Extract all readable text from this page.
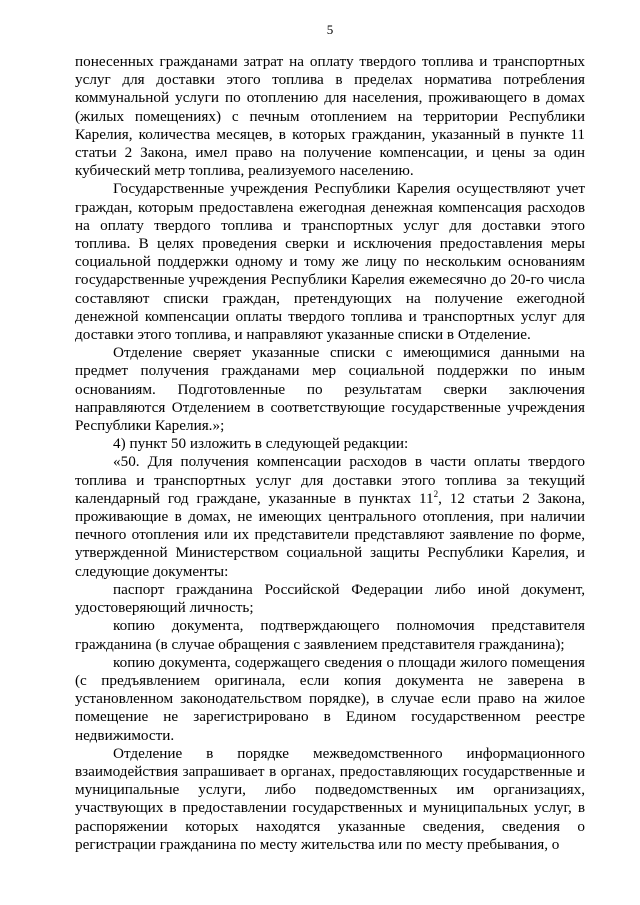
5

понесенных гражданами затрат на оплату твердого топлива и транспортных услуг для доставки этого топлива в пределах норматива потребления коммунальной услуги по отоплению для населения, проживающего в домах (жилых помещениях) с печным отоплением на территории Республики Карелия, количества месяцев, в которых гражданин, указанный в пункте 11 статьи 2 Закона, имел право на получение компенсации, и цены за один кубический метр топлива, реализуемого населению.

Государственные учреждения Республики Карелия осуществляют учет граждан, которым предоставлена ежегодная денежная компенсация расходов на оплату твердого топлива и транспортных услуг для доставки этого топлива. В целях проведения сверки и исключения предоставления меры социальной поддержки одному и тому же лицу по нескольким основаниям государственные учреждения Республики Карелия ежемесячно до 20-го числа составляют списки граждан, претендующих на получение ежегодной денежной компенсации оплаты твердого топлива и транспортных услуг для доставки этого топлива, и направляют указанные списки в Отделение.

Отделение сверяет указанные списки с имеющимися данными на предмет получения гражданами мер социальной поддержки по иным основаниям. Подготовленные по результатам сверки заключения направляются Отделением в соответствующие государственные учреждения Республики Карелия.»;

4) пункт 50 изложить в следующей редакции:

«50. Для получения компенсации расходов в части оплаты твердого топлива и транспортных услуг для доставки этого топлива за текущий календарный год граждане, указанные в пунктах $11^2$, 12 статьи 2 Закона, проживающие в домах, не имеющих центрального отопления, при наличии печного отопления или их представители представляют заявление по форме, утвержденной Министерством социальной защиты Республики Карелия, и следующие документы:

паспорт гражданина Российской Федерации либо иной документ, удостоверяющий личность;

копию документа, подтверждающего полномочия представителя гражданина (в случае обращения с заявлением представителя гражданина);

копию документа, содержащего сведения о площади жилого помещения (с предъявлением оригинала, если копия документа не заверена в установленном законодательством порядке), в случае если право на жилое помещение не зарегистрировано в Едином государственном реестре недвижимости.

Отделение в порядке межведомственного информационного взаимодействия запрашивает в органах, предоставляющих государственные и муниципальные услуги, либо подведомственных им организациях, участвующих в предоставлении государственных и муниципальных услуг, в распоряжении которых находятся указанные сведения, сведения о регистрации гражданина по месту жительства или по месту пребывания, о
